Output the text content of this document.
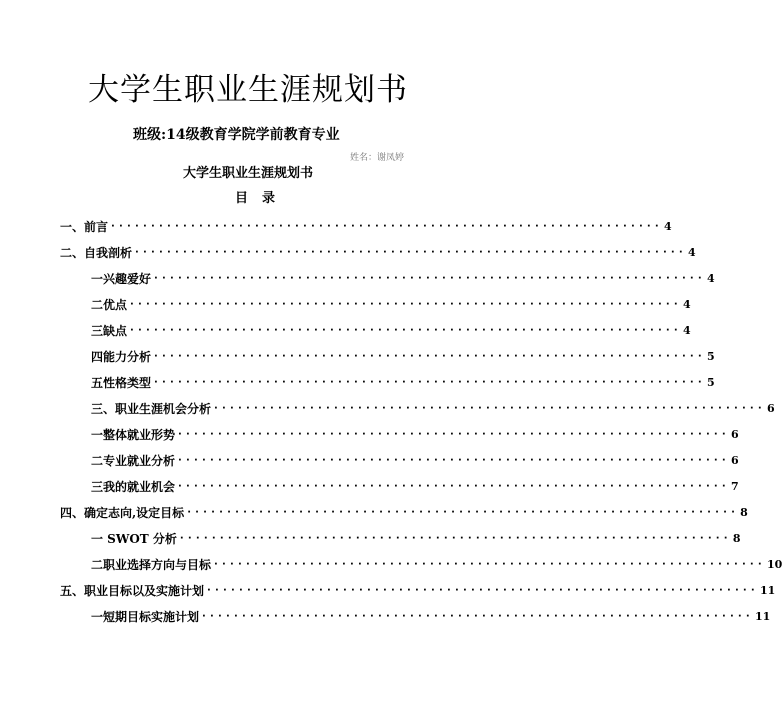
大学生职业生涯规划书
班级:14级教育学院学前教育专业
姓名：谢凤婷
大学生职业生涯规划书
目录
一、前言 ····································································· 4
二、自我剖析 ····································································· 4
一兴趣爱好 ····································································· 4
二优点 ····································································· 4
三缺点 ····································································· 4
四能力分析 ····································································· 5
五性格类型 ····································································· 5
三、职业生涯机会分析 ····································································· 6
一整体就业形势 ····································································· 6
二专业就业分析 ····································································· 6
三我的就业机会 ····································································· 7
四、确定志向,设定目标 ····································································· 8
一 SWOT 分析 ····································································· 8
二职业选择方向与目标 ····································································· 10
五、职业目标以及实施计划 ····································································· 11
一短期目标实施计划 ····································································· 11
